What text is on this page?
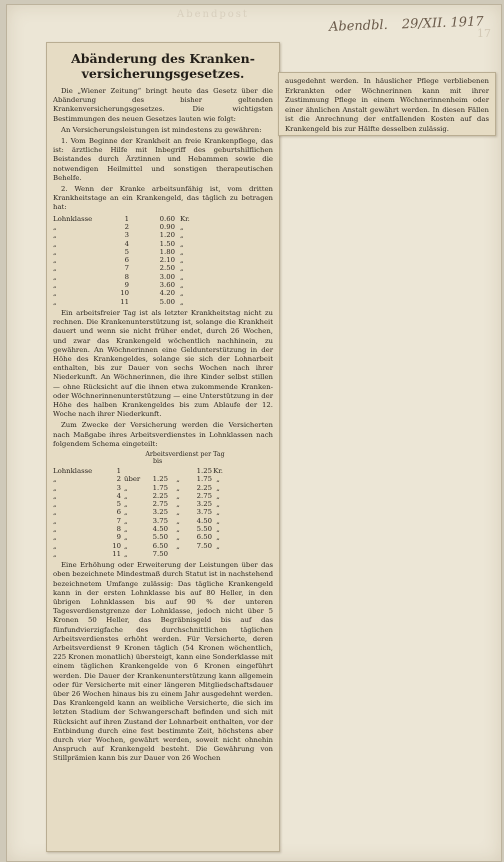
Abendpost
Abendbl. 29/XII. 1917
17
Abänderung des Kranken-
versicherungsgesetzes.

Die „Wiener Zeitung“ bringt heute das Gesetz über die Abänderung des bisher geltenden Krankenversicherungsgesetzes. Die wichtigsten Bestimmungen des neuen Gesetzes lauten wie folgt:

An Versicherungsleistungen ist mindestens zu gewähren:

1. Vom Beginne der Krankheit an freie Krankenpflege, das ist: ärztliche Hilfe mit Inbegriff des geburtshilflichen Beistandes durch Ärztinnen und Hebammen sowie die notwendigen Heilmittel und sonstigen therapeutischen Behelfe.

2. Wenn der Kranke arbeitsunfähig ist, vom dritten Krankheitstage an ein Krankengeld, das täglich zu betragen hat:

Lohnklasse	1	0.60 Kr.
„	2	0.90 „
„	3	1.20 „
„	4	1.50 „
„	5	1.80 „
„	6	2.10 „
„	7	2.50 „
„	8	3.00 „
„	9	3.60 „
„	10	4.20 „
„	11	5.00 „

Ein arbeitsfreier Tag ist als letzter Krankheitstag nicht zu rechnen. Die Krankenunterstützung ist, solange die Krankheit dauert und wenn sie nicht früher endet, durch 26 Wochen, und zwar das Krankengeld wöchentlich nachhinein, zu gewähren. An Wöchnerinnen eine Geldunterstützung in der Höhe des Krankengeldes, solange sie sich der Lohnarbeit enthalten, bis zur Dauer von sechs Wochen nach ihrer Niederkunft. An Wöchnerinnen, die ihre Kinder selbst stillen — ohne Rücksicht auf die ihnen etwa zukommende Kranken- oder Wöchnerinnenunterstützung — eine Unterstützung in der Höhe des halben Krankengeldes bis zum Ablaufe der 12. Woche nach ihrer Niederkunft.

Zum Zwecke der Versicherung werden die Versicherten nach Maßgabe ihres Arbeitsverdienstes in Lohnklassen nach folgendem Schema eingeteilt:

Arbeitsverdienst per Tag
bis
Lohnklasse	1	1.25 Kr.
„	2 über	1.25	„	1.75 „
„	3 „	1.75	„	2.25 „
„	4 „	2.25	„	2.75 „
„	5 „	2.75	„	3.25 „
„	6 „	3.25	„	3.75 „
„	7 „	3.75	„	4.50 „
„	8 „	4.50	„	5.50 „
„	9 „	5.50	„	6.50 „
„	10 „	6.50	„	7.50 „
„	11 „	7.50

Eine Erhöhung oder Erweiterung der Leistungen über das oben bezeichnete Mindestmaß durch Statut ist in nachstehend bezeichnetem Umfange zulässig: Das tägliche Krankengeld kann in der ersten Lohnklasse bis auf 80 Heller, in den übrigen Lohnklassen bis auf 90 % der unteren Tagesverdienstgrenze der Lohnklasse, jedoch nicht über 5 Kronen 50 Heller, das Begräbnisgeld bis auf das fünfundvierzigfache des durchschnittlichen täglichen Arbeitsverdienstes erhöht werden. Für Versicherte, deren Arbeitsverdienst 9 Kronen täglich (54 Kronen wöchentlich, 225 Kronen monatlich) übersteigt, kann eine Sonderklasse mit einem täglichen Krankengelde von 6 Kronen eingeführt werden. Die Dauer der Krankenunterstützung kann allgemein oder für Versicherte mit einer längeren Mitgliedschaftsdauer über 26 Wochen hinaus bis zu einem Jahr ausgedehnt werden. Das Krankengeld kann an weibliche Versicherte, die sich im letzten Stadium der Schwangerschaft befinden und sich mit Rücksicht auf ihren Zustand der Lohnarbeit enthalten, vor der Entbindung durch eine fest bestimmte Zeit, höchstens aber durch vier Wochen, gewährt werden, soweit nicht ohnehin Anspruch auf Krankengeld besteht. Die Gewährung von Stillprämien kann bis zur Dauer von 26 Wochen

ausgedehnt werden. In häuslicher Pflege verbliebenen Erkrankten oder Wöchnerinnen kann mit ihrer Zustimmung Pflege in einem Wöchnerinnenheim oder einer ähnlichen Anstalt gewährt werden. In diesen Fällen ist die Anrechnung der entfallenden Kosten auf das Krankengeld bis zur Hälfte desselben zulässig.
